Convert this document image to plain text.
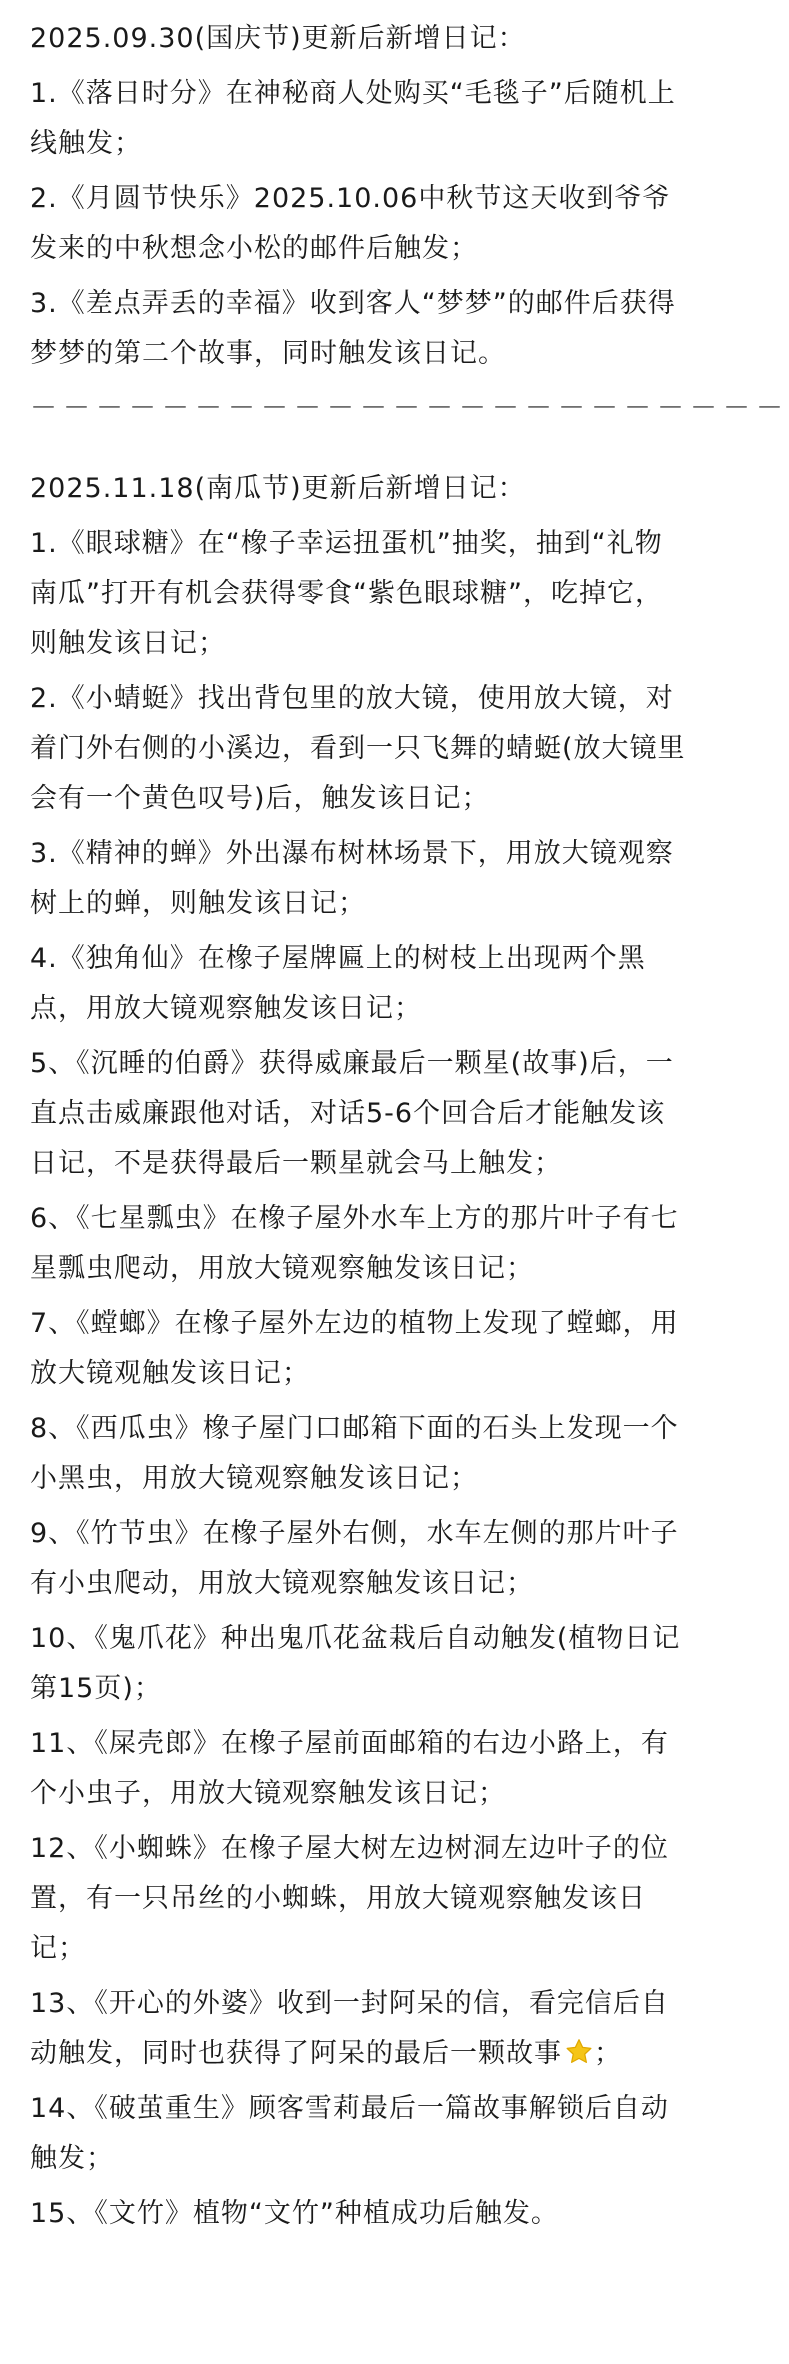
2025.09.30(国庆节)更新后新增日记：

1.《落日时分》在神秘商人处购买“毛毯子”后随机上线触发；

2.《月圆节快乐》2025.10.06中秋节这天收到爷爷发来的中秋想念小松的邮件后触发；

3.《差点弄丢的幸福》收到客人“梦梦”的邮件后获得梦梦的第二个故事，同时触发该日记。

－－－－－－－－－－－－－－－－－－－－－－－

2025.11.18(南瓜节)更新后新增日记：

1.《眼球糖》在“橡子幸运扭蛋机”抽奖，抽到“礼物南瓜”打开有机会获得零食“紫色眼球糖”，吃掉它，则触发该日记；

2.《小蜻蜓》找出背包里的放大镜，使用放大镜，对着门外右侧的小溪边，看到一只飞舞的蜻蜓(放大镜里会有一个黄色叹号)后，触发该日记；

3.《精神的蝉》外出瀑布树林场景下，用放大镜观察树上的蝉，则触发该日记；

4.《独角仙》在橡子屋牌匾上的树枝上出现两个黑点，用放大镜观察触发该日记；

5、《沉睡的伯爵》获得威廉最后一颗星(故事)后，一直点击威廉跟他对话，对话5-6个回合后才能触发该日记，不是获得最后一颗星就会马上触发；

6、《七星瓢虫》在橡子屋外水车上方的那片叶子有七星瓢虫爬动，用放大镜观察触发该日记；

7、《螳螂》在橡子屋外左边的植物上发现了螳螂，用放大镜观触发该日记；

8、《西瓜虫》橡子屋门口邮箱下面的石头上发现一个小黑虫，用放大镜观察触发该日记；

9、《竹节虫》在橡子屋外右侧，水车左侧的那片叶子有小虫爬动，用放大镜观察触发该日记；

10、《鬼爪花》种出鬼爪花盆栽后自动触发(植物日记第15页)；

11、《屎壳郎》在橡子屋前面邮箱的右边小路上，有个小虫子，用放大镜观察触发该日记；

12、《小蜘蛛》在橡子屋大树左边树洞左边叶子的位置，有一只吊丝的小蜘蛛，用放大镜观察触发该日记；

13、《开心的外婆》收到一封阿呆的信，看完信后自动触发，同时也获得了阿呆的最后一颗故事 ；

14、《破茧重生》顾客雪莉最后一篇故事解锁后自动触发；

15、《文竹》植物“文竹”种植成功后触发。
